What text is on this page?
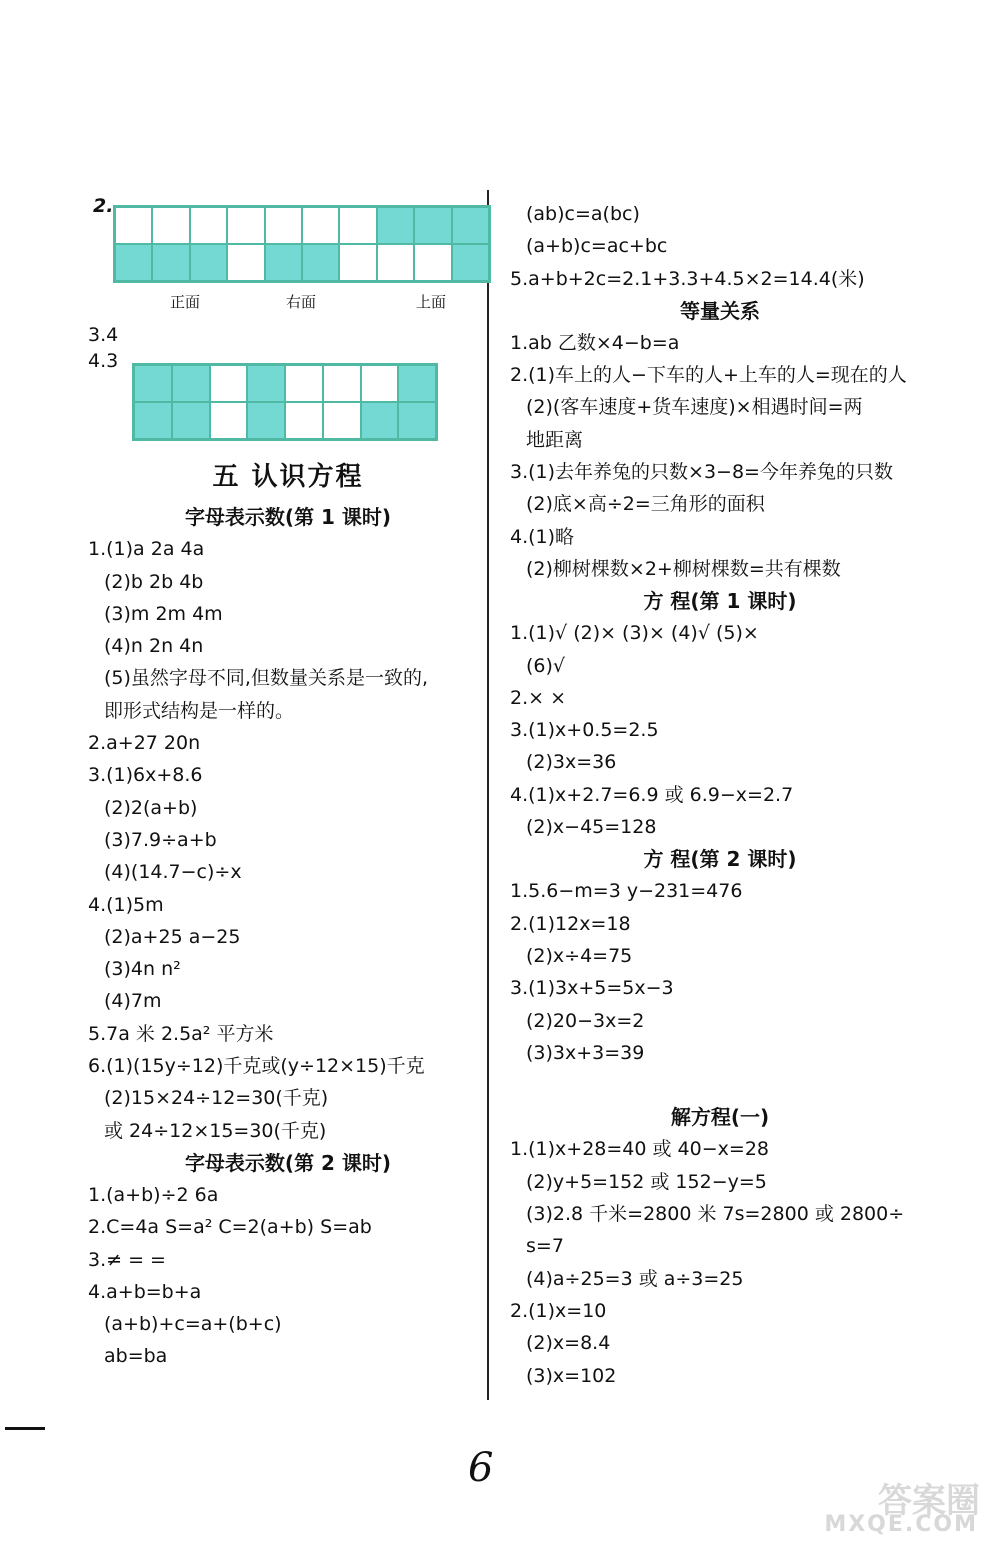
2.
正面	右面	上面
3.4
4.3
五 认识方程
字母表示数(第 1 课时)
1.(1)a 2a 4a
(2)b 2b 4b
(3)m 2m 4m
(4)n 2n 4n
(5)虽然字母不同,但数量关系是一致的,
即形式结构是一样的。
2.a+27 20n
3.(1)6x+8.6
(2)2(a+b)
(3)7.9÷a+b
(4)(14.7−c)÷x
4.(1)5m
(2)a+25 a−25
(3)4n n²
(4)7m
5.7a 米 2.5a² 平方米
6.(1)(15y÷12)千克或(y÷12×15)千克
(2)15×24÷12=30(千克)
或 24÷12×15=30(千克)
字母表示数(第 2 课时)
1.(a+b)÷2 6a
2.C=4a S=a² C=2(a+b) S=ab
3.≠ = =
4.a+b=b+a
(a+b)+c=a+(b+c)
ab=ba
(ab)c=a(bc)
(a+b)c=ac+bc
5.a+b+2c=2.1+3.3+4.5×2=14.4(米)
等量关系
1.ab 乙数×4−b=a
2.(1)车上的人−下车的人+上车的人=现在的人
(2)(客车速度+货车速度)×相遇时间=两
地距离
3.(1)去年养兔的只数×3−8=今年养兔的只数
(2)底×高÷2=三角形的面积
4.(1)略
(2)柳树棵数×2+柳树棵数=共有棵数
方 程(第 1 课时)
1.(1)√ (2)× (3)× (4)√ (5)×
(6)√
2.× ×
3.(1)x+0.5=2.5
(2)3x=36
4.(1)x+2.7=6.9 或 6.9−x=2.7
(2)x−45=128
方 程(第 2 课时)
1.5.6−m=3 y−231=476
2.(1)12x=18
(2)x÷4=75
3.(1)3x+5=5x−3
(2)20−3x=2
(3)3x+3=39
解方程(一)
1.(1)x+28=40 或 40−x=28
(2)y+5=152 或 152−y=5
(3)2.8 千米=2800 米 7s=2800 或 2800÷
s=7
(4)a÷25=3 或 a÷3=25
2.(1)x=10
(2)x=8.4
(3)x=102
6
答案圈
MXQE.COM
